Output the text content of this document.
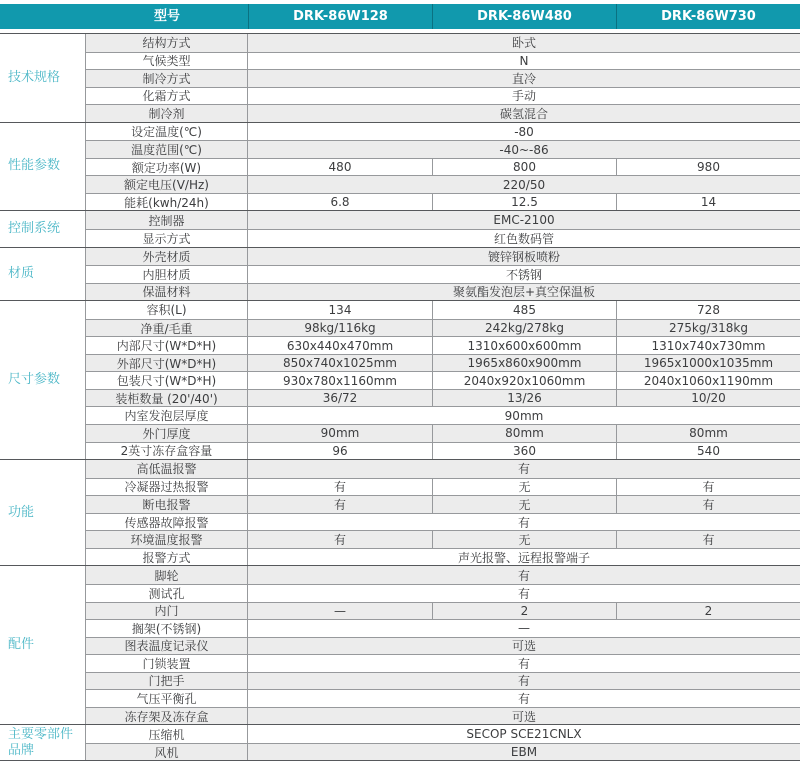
型号	DRK-86W128	DRK-86W480	DRK-86W730
技术规格
结构方式	卧式
气候类型	N
制冷方式	直冷
化霜方式	手动
制冷剂	碳氢混合
性能参数
设定温度(℃)	-80
温度范围(℃)	-40~-86
额定功率(W)	480	800	980
额定电压(V/Hz)	220/50
能耗(kwh/24h)	6.8	12.5	14
控制系统
控制器	EMC-2100
显示方式	红色数码管
材质
外壳材质	镀锌钢板喷粉
内胆材质	不锈钢
保温材料	聚氨酯发泡层+真空保温板
尺寸参数
容积(L)	134	485	728
净重/毛重	98kg/116kg	242kg/278kg	275kg/318kg
内部尺寸(W*D*H)	630x440x470mm	1310x600x600mm	1310x740x730mm
外部尺寸(W*D*H)	850x740x1025mm	1965x860x900mm	1965x1000x1035mm
包装尺寸(W*D*H)	930x780x1160mm	2040x920x1060mm	2040x1060x1190mm
装柜数量 (20'/40')	36/72	13/26	10/20
内室发泡层厚度	90mm
外门厚度	90mm	80mm	80mm
2英寸冻存盒容量	96	360	540
功能
高低温报警	有
冷凝器过热报警	有	无	有
断电报警	有	无	有
传感器故障报警	有
环境温度报警	有	无	有
报警方式	声光报警、远程报警端子
配件
脚轮	有
测试孔	有
内门	—	2	2
搁架(不锈钢)	—
图表温度记录仪	可选
门锁装置	有
门把手	有
气压平衡孔	有
冻存架及冻存盒	可选
主要零部件品牌
压缩机	SECOP SCE21CNLX
风机	EBM
